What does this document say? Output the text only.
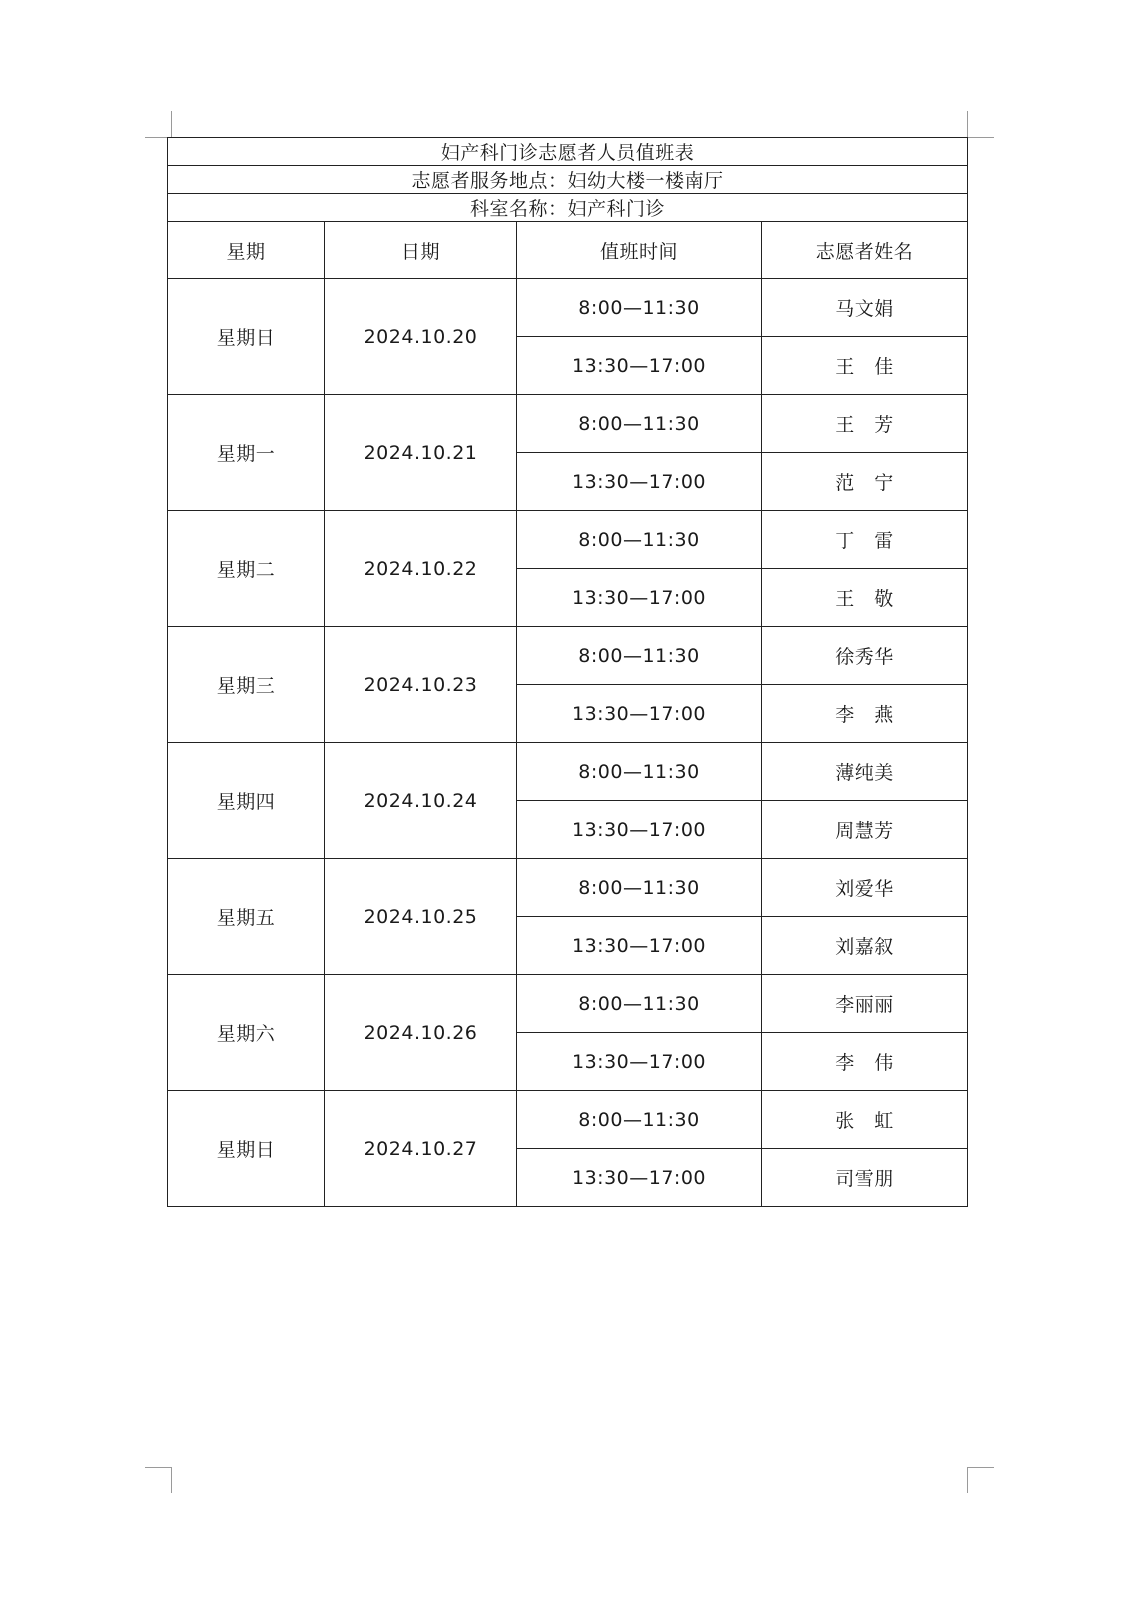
妇产科门诊志愿者人员值班表			
志愿者服务地点：妇幼大楼一楼南厅			
科室名称：妇产科门诊			
星期	日期	值班时间	志愿者姓名
星期日	2024.10.20	8:00—11:30	马文娟
		13:30—17:00	王　佳
星期一	2024.10.21	8:00—11:30	王　芳
		13:30—17:00	范　宁
星期二	2024.10.22	8:00—11:30	丁　雷
		13:30—17:00	王　敬
星期三	2024.10.23	8:00—11:30	徐秀华
		13:30—17:00	李　燕
星期四	2024.10.24	8:00—11:30	薄纯美
		13:30—17:00	周慧芳
星期五	2024.10.25	8:00—11:30	刘爱华
		13:30—17:00	刘嘉叙
星期六	2024.10.26	8:00—11:30	李丽丽
		13:30—17:00	李　伟
星期日	2024.10.27	8:00—11:30	张　虹
		13:30—17:00	司雪朋
